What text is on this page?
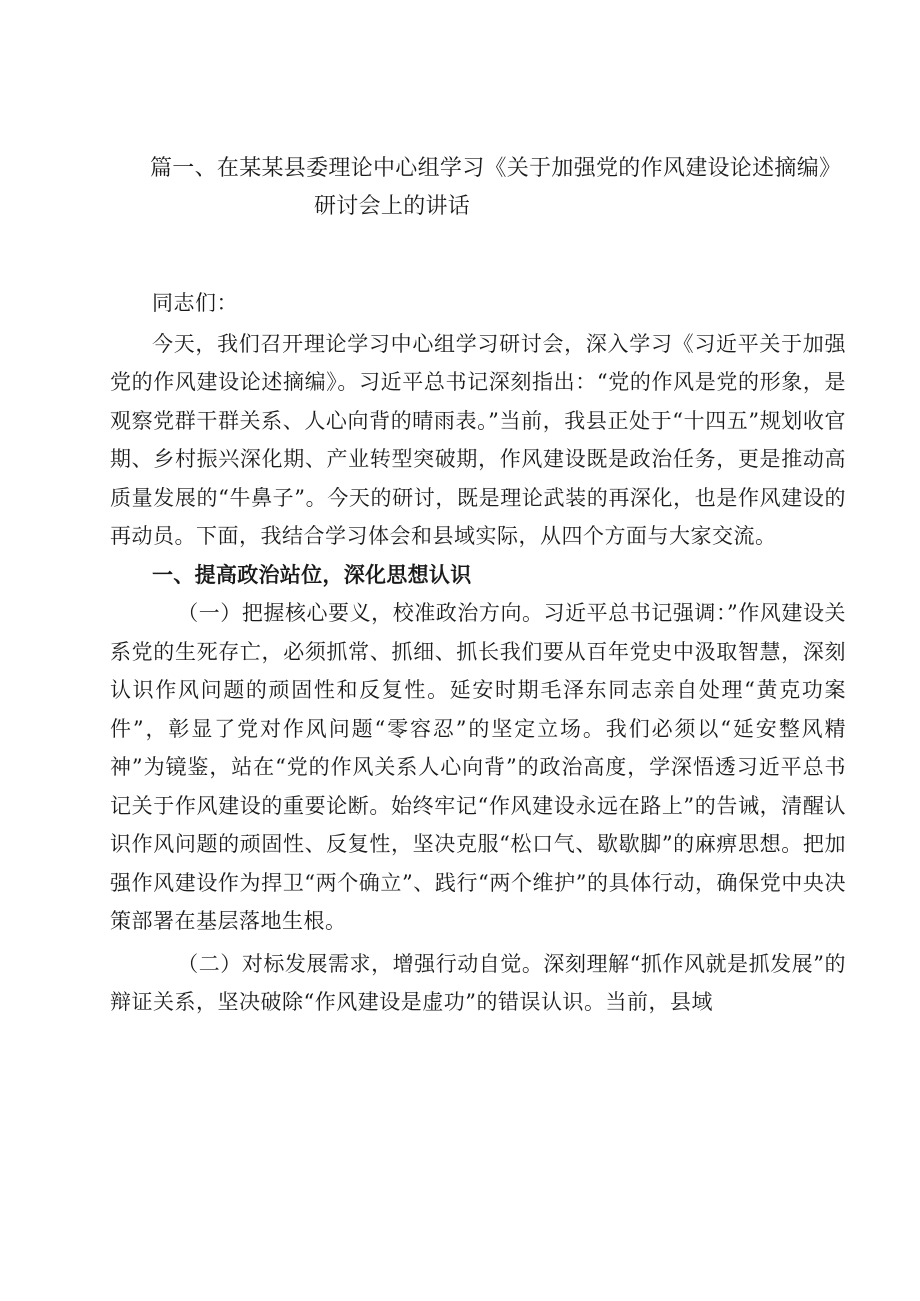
篇一、在某某县委理论中心组学习《关于加强党的作风建设论述摘编》
研讨会上的讲话

同志们：

今天，我们召开理论学习中心组学习研讨会，深入学习《习近平关于加强党的作风建设论述摘编》。习近平总书记深刻指出：“党的作风是党的形象，是观察党群干群关系、人心向背的晴雨表。”当前，我县正处于“十四五”规划收官期、乡村振兴深化期、产业转型突破期，作风建设既是政治任务，更是推动高质量发展的“牛鼻子”。今天的研讨，既是理论武装的再深化，也是作风建设的再动员。下面，我结合学习体会和县域实际，从四个方面与大家交流。

一、提高政治站位，深化思想认识

（一）把握核心要义，校准政治方向。习近平总书记强调：”作风建设关系党的生死存亡，必须抓常、抓细、抓长我们要从百年党史中汲取智慧，深刻认识作风问题的顽固性和反复性。延安时期毛泽东同志亲自处理“黄克功案件”，彰显了党对作风问题“零容忍”的坚定立场。我们必须以“延安整风精神”为镜鉴，站在“党的作风关系人心向背”的政治高度，学深悟透习近平总书记关于作风建设的重要论断。始终牢记“作风建设永远在路上”的告诫，清醒认识作风问题的顽固性、反复性，坚决克服“松口气、歇歇脚”的麻痹思想。把加强作风建设作为捍卫“两个确立”、践行“两个维护”的具体行动，确保党中央决策部署在基层落地生根。

（二）对标发展需求，增强行动自觉。深刻理解“抓作风就是抓发展”的辩证关系，坚决破除“作风建设是虚功”的错误认识。当前，县域
